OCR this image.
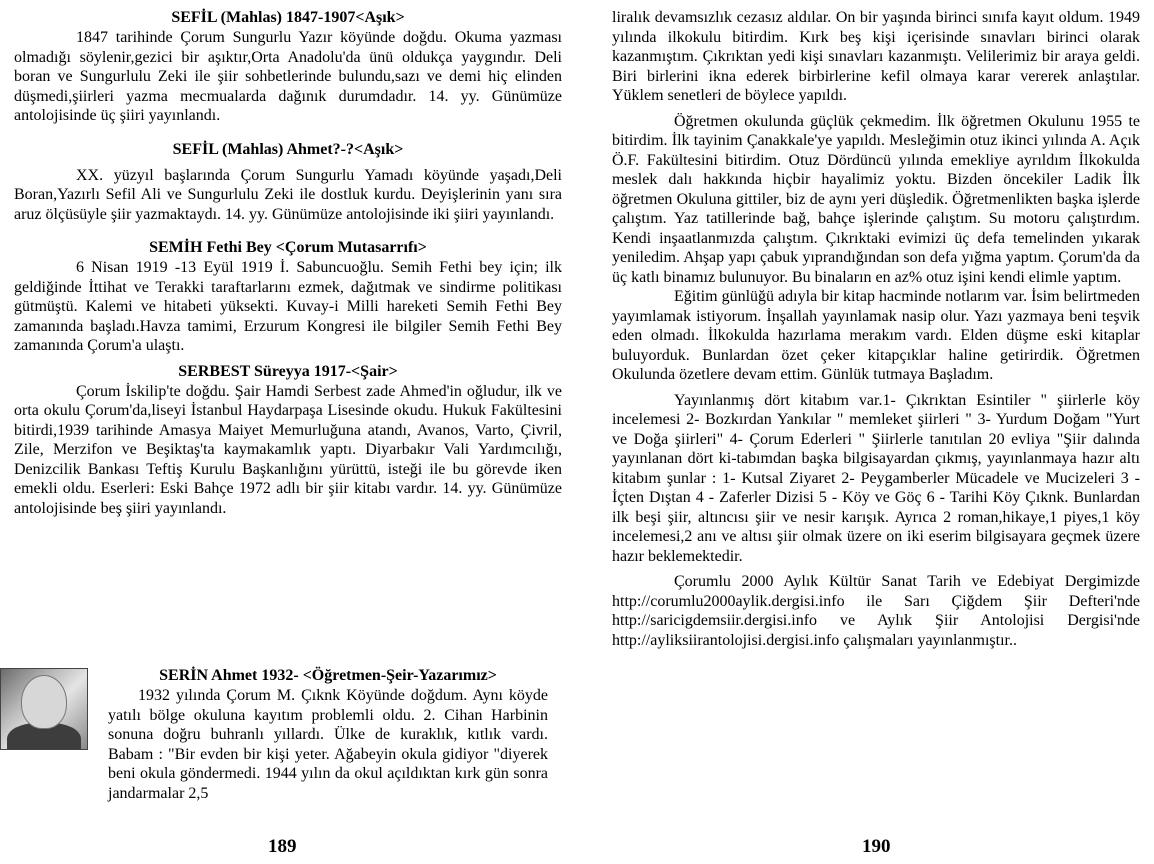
SEFİL (Mahlas) 1847-1907<Aşık>

1847 tarihinde Çorum Sungurlu Yazır köyünde doğdu. Okuma yazması olmadığı söylenir,gezici bir aşıktır,Orta Anadolu'da ünü oldukça yaygındır. Deli boran ve Sungurlulu Zeki ile şiir sohbetlerinde bulundu,sazı ve demi hiç elinden düşmedi,şiirleri yazma mecmualarda dağınık durumdadır. 14. yy. Günümüze antolojisinde üç şiiri yayınlandı.

SEFİL (Mahlas) Ahmet?-?<Aşık>

XX. yüzyıl başlarında Çorum Sungurlu Yamadı köyünde yaşadı,Deli Boran,Yazırlı Sefil Ali ve Sungurlulu Zeki ile dostluk kurdu. Deyişlerinin yanı sıra aruz ölçüsüyle şiir yazmaktaydı. 14. yy. Günümüze antolojisinde iki şiiri yayınlandı.

SEMİH Fethi Bey <Çorum Mutasarrıfı>

6 Nisan 1919 -13 Eyül 1919 İ. Sabuncuoğlu. Semih Fethi bey için; ilk geldiğinde İttihat ve Terakki taraftarlarını ezmek, dağıtmak ve sindirme politikası gütmüştü. Kalemi ve hitabeti yüksekti. Kuvay-i Milli hareketi Semih Fethi Bey zamanında başladı.Havza tamimi, Erzurum Kongresi ile bilgiler Semih Fethi Bey zamanında Çorum'a ulaştı.

SERBEST Süreyya 1917-<Şair>

Çorum İskilip'te doğdu. Şair Hamdi Serbest zade Ahmed'in oğludur, ilk ve orta okulu Çorum'da,liseyi İstanbul Haydarpaşa Lisesinde okudu. Hukuk Fakültesini bitirdi,1939 tarihinde Amasya Maiyet Memurluğuna atandı, Avanos, Varto, Çivril, Zile, Merzifon ve Beşiktaş'ta kaymakamlık yaptı. Diyarbakır Vali Yardımcılığı, Denizcilik Bankası Teftiş Kurulu Başkanlığını yürüttü, isteği ile bu görevde iken emekli oldu. Eserleri: Eski Bahçe 1972 adlı bir şiir kitabı vardır. 14. yy. Günümüze antolojisinde beş şiiri yayınlandı.

SERİN Ahmet 1932- <Öğretmen-Şeir-Yazarımız>

1932 yılında Çorum M. Çıknk Köyünde doğdum. Aynı köyde yatılı bölge okuluna kayıtım problemli oldu. 2. Cihan Harbinin sonuna doğru buhranlı yıllardı. Ülke de kuraklık, kıtlık vardı. Babam : "Bir evden bir kişi yeter. Ağabeyin okula gidiyor "diyerek beni okula göndermedi. 1944 yılın da okul açıldıktan kırk gün sonra jandarmalar 2,5

189

liralık devamsızlık cezasız aldılar. On bir yaşında birinci sınıfa kayıt oldum. 1949 yılında ilkokulu bitirdim. Kırk beş kişi içerisinde sınavları birinci olarak kazanmıştım. Çıkrıktan yedi kişi sınavları kazanmıştı. Velilerimiz bir araya geldi. Biri birlerini ikna ederek birbirlerine kefil olmaya karar vererek anlaştılar. Yüklem senetleri de böylece yapıldı.

Öğretmen okulunda güçlük çekmedim. İlk öğretmen Okulunu 1955 te bitirdim. İlk tayinim Çanakkale'ye yapıldı. Mesleğimin otuz ikinci yılında A. Açık Ö.F. Fakültesini bitirdim. Otuz Dördüncü yılında emekliye ayrıldım İlkokulda meslek dalı hakkında hiçbir hayalimiz yoktu. Bizden öncekiler Ladik İlk öğretmen Okuluna gittiler, biz de aynı yeri düşledik. Öğretmenlikten başka işlerde çalıştım. Yaz tatillerinde bağ, bahçe işlerinde çalıştım. Su motoru çalıştırdım. Kendi inşaatlanmızda çalıştım. Çıkrıktaki evimizi üç defa temelinden yıkarak yeniledim. Ahşap yapı çabuk yıprandığından son defa yığma yaptım. Çorum'da da üç katlı binamız bulunuyor. Bu binaların en az% otuz işini kendi elimle yaptım.

Eğitim günlüğü adıyla bir kitap hacminde notlarım var. İsim belirtmeden yayımlamak istiyorum. İnşallah yayınlamak nasip olur. Yazı yazmaya beni teşvik eden olmadı. İlkokulda hazırlama merakım vardı. Elden düşme eski kitaplar buluyorduk. Bunlardan özet çeker kitapçıklar haline getirirdik. Öğretmen Okulunda özetlere devam ettim. Günlük tutmaya Başladım.

Yayınlanmış dört kitabım var.1- Çıkrıktan Esintiler " şiirlerle köy incelemesi 2- Bozkırdan Yankılar " memleket şiirleri " 3- Yurdum Doğam "Yurt ve Doğa şiirleri" 4- Çorum Ederleri " Şiirlerle tanıtılan 20 evliya "Şiir dalında yayınlanan dört ki-tabımdan başka bilgisayardan çıkmış, yayınlanmaya hazır altı kitabım şunlar : 1- Kutsal Ziyaret 2- Peygamberler Mücadele ve Mucizeleri 3 - İçten Dıştan 4 - Zaferler Dizisi 5 - Köy ve Göç 6 - Tarihi Köy Çıknk. Bunlardan ilk beşi şiir, altıncısı şiir ve nesir karışık. Ayrıca 2 roman,hikaye,1 piyes,1 köy incelemesi,2 anı ve altısı şiir olmak üzere on iki eserim bilgisayara geçmek üzere hazır beklemektedir.

Çorumlu 2000 Aylık Kültür Sanat Tarih ve Edebiyat Dergimizde http://corumlu2000aylik.dergisi.info ile Sarı Çiğdem Şiir Defteri'nde http://saricigdemsiir.dergisi.info ve Aylık Şiir Antolojisi Dergisi'nde http://ayliksiirantolojisi.dergisi.info çalışmaları yayınlanmıştır..

190
